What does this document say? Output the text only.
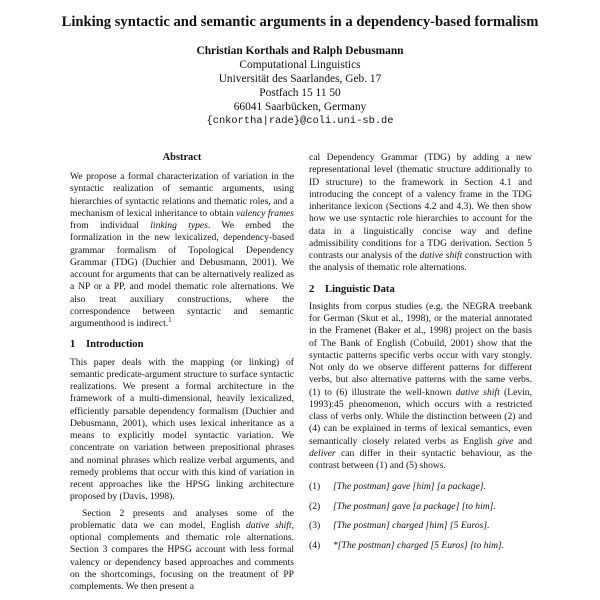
Linking syntactic and semantic arguments in a dependency-based formalism
Christian Korthals and Ralph Debusmann
Computational Linguistics
Universität des Saarlandes, Geb. 17
Postfach 15 11 50
66041 Saarbücken, Germany
{cnkortha|rade}@coli.uni-sb.de
Abstract

We propose a formal characterization of variation in the syntactic realization of semantic arguments, using hierarchies of syntactic relations and thematic roles, and a mechanism of lexical inheritance to obtain valency frames from individual linking types. We embed the formalization in the new lexicalized, dependency-based grammar formalism of Topological Dependency Grammar (TDG) (Duchier and Debusmann, 2001). We account for arguments that can be alternatively realized as a NP or a PP, and model thematic role alternations. We also treat auxiliary constructions, where the correspondence between syntactic and semantic argumenthood is indirect.$^1$

1 Introduction

This paper deals with the mapping (or linking) of semantic predicate-argument structure to surface syntactic realizations. We present a formal architecture in the framework of a multi-dimensional, heavily lexicalized, efficiently parsable dependency formalism (Duchier and Debusmann, 2001), which uses lexical inheritance as a means to explicitly model syntactic variation. We concentrate on variation between prepositional phrases and nominal phrases which realize verbal arguments, and remedy problems that occur with this kind of variation in recent approaches like the HPSG linking architecture proposed by (Davis, 1998).

Section 2 presents and analyses some of the problematic data we can model, English dative shift, optional complements and thematic role alternations. Section 3 compares the HPSG account with less formal valency or dependency based approaches and comments on the shortcomings, focusing on the treatment of PP complements. We then present a

cal Dependency Grammar (TDG) by adding a new representational level (thematic structure additionally to ID structure) to the framework in Section 4.1 and introducing the concept of a valency frame in the TDG inheritance lexicon (Sections 4.2 and 4.3). We then show how we use syntactic role hierarchies to account for the data in a linguistically concise way and define admissibility conditions for a TDG derivation. Section 5 contrasts our analysis of the dative shift construction with the analysis of thematic role alternations.

2 Linguistic Data

Insights from corpus studies (e.g. the NEGRA treebank for German (Skut et al., 1998), or the material annotated in the Framenet (Baker et al., 1998) project on the basis of The Bank of English (Cobuild, 2001) show that the syntactic patterns specific verbs occur with vary stongly. Not only do we observe different patterns for different verbs, but also alternative patterns with the same verbs. (1) to (6) illustrate the well-known dative shift (Levin, 1993):45 phenomenon, which occurs with a restricted class of verbs only. While the distinction between (2) and (4) can be explained in terms of lexical semantics, even semantically closely related verbs as English give and deliver can differ in their syntactic behaviour, as the contrast between (1) and (5) shows.

(1)	[The postman] gave [him] [a package].
(2)	[The postman] gave [a package] [to him].
(3)	[The postman] charged [him] [5 Euros].
(4)	*[The postman] charged [5 Euros] [to him].
